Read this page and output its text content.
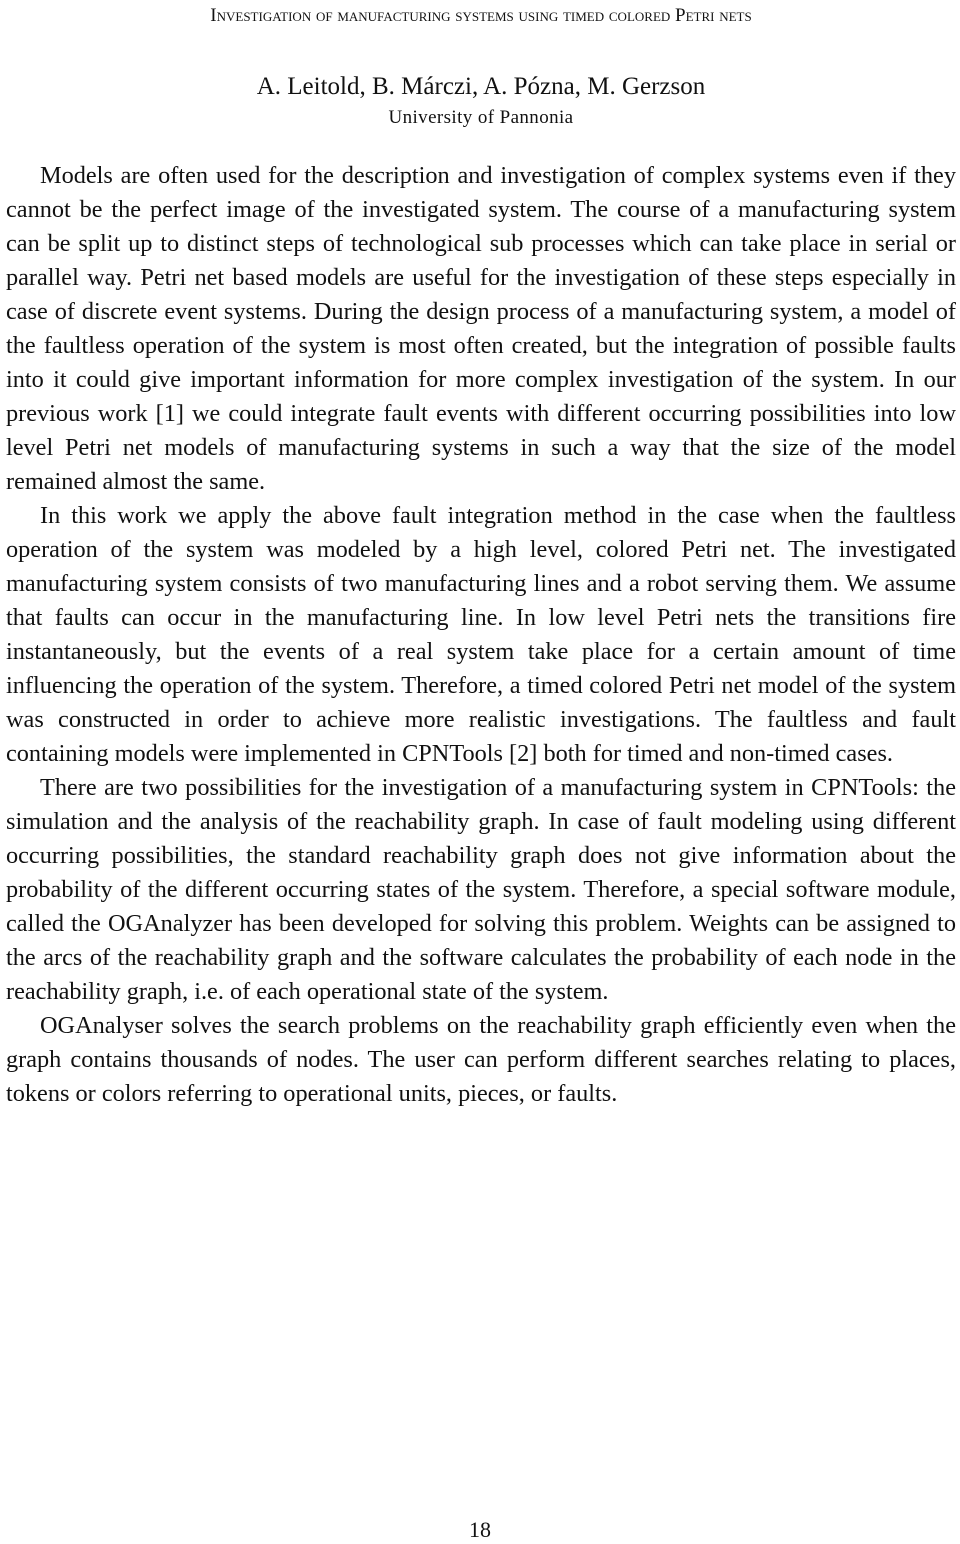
Investigation of manufacturing systems using timed colored Petri nets

A. Leitold, B. Márczi, A. Pózna, M. Gerzson

University of Pannonia

Models are often used for the description and investigation of complex systems even if they cannot be the perfect image of the investigated system. The course of a manufacturing system can be split up to distinct steps of technological sub processes which can take place in serial or parallel way. Petri net based models are useful for the investigation of these steps especially in case of discrete event systems. During the design process of a manufacturing system, a model of the faultless operation of the system is most often created, but the integration of possible faults into it could give important information for more complex investigation of the system. In our previous work [1] we could integrate fault events with different occurring possibilities into low level Petri net models of manufacturing systems in such a way that the size of the model remained almost the same.

In this work we apply the above fault integration method in the case when the faultless operation of the system was modeled by a high level, colored Petri net. The investigated manufacturing system consists of two manufacturing lines and a robot serving them. We assume that faults can occur in the manufacturing line. In low level Petri nets the transitions fire instantaneously, but the events of a real system take place for a certain amount of time influencing the operation of the system. Therefore, a timed colored Petri net model of the system was constructed in order to achieve more realistic investigations. The faultless and fault containing models were implemented in CPNTools [2] both for timed and non-timed cases.

There are two possibilities for the investigation of a manufacturing system in CPNTools: the simulation and the analysis of the reachability graph. In case of fault modeling using different occurring possibilities, the standard reachability graph does not give information about the probability of the different occurring states of the system. Therefore, a special software module, called the OGAnalyzer has been developed for solving this problem. Weights can be assigned to the arcs of the reachability graph and the software calculates the probability of each node in the reachability graph, i.e. of each operational state of the system.

OGAnalyser solves the search problems on the reachability graph efficiently even when the graph contains thousands of nodes. The user can perform different searches relating to places, tokens or colors referring to operational units, pieces, or faults.

18
